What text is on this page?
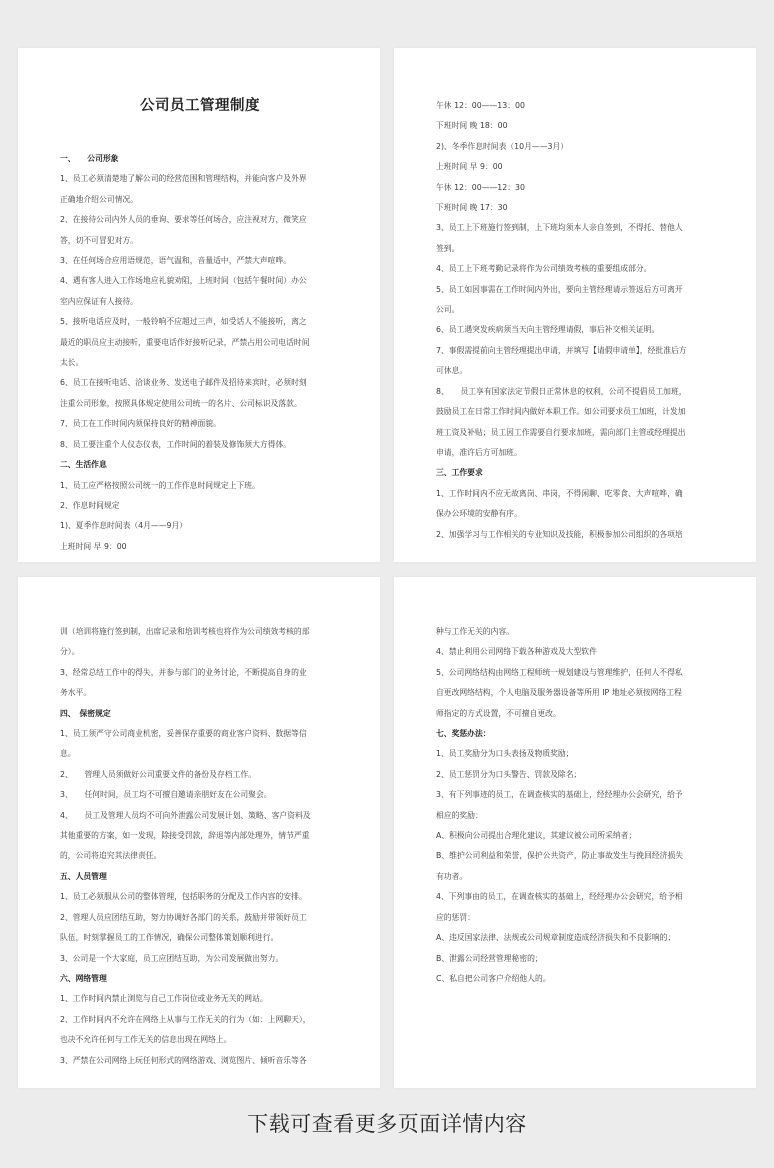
公司员工管理制度
一、　　公司形象
1、员工必须清楚地了解公司的经营范围和管理结构，并能向客户及外界
正确地介绍公司情况。
2、在接待公司内外人员的垂询、要求等任何场合，应注视对方，微笑应
答，切不可冒犯对方。
3、在任何场合应用语规范，语气温和，音量适中，严禁大声喧哗。
4、遇有客人进入工作场地应礼貌劝阻，上班时间（包括午餐时间）办公
室内应保证有人接待。
5、接听电话应及时，一般铃响不应超过三声，如受话人不能接听，离之
最近的职员应主动接听，重要电话作好接听记录，严禁占用公司电话时间
太长。
6、员工在接听电话、洽谈业务、发送电子邮件及招待来宾时，必须时刻
注重公司形象，按照具体规定使用公司统一的名片、公司标识及落款。
7、员工在工作时间内须保持良好的精神面貌。
8、员工要注重个人仪态仪表，工作时间的着装及修饰须大方得体。
二、生活作息
1、员工应严格按照公司统一的工作作息时间规定上下班。
2、作息时间规定
1)、夏季作息时间表（4月——9月）
上班时间 早 9：00
午休 12：00——13：00
下班时间 晚 18：00
2)、冬季作息时间表（10月——3月）
上班时间 早 9：00
午休 12：00——12：30
下班时间 晚 17：30
3、员工上下班施行签到制，上下班均须本人亲自签到，不得托、替他人
签到。
4、员工上下班考勤记录将作为公司绩效考核的重要组成部分。
5、员工如因事需在工作时间内外出，要向主管经理请示签返后方可离开
公司。
6、员工遇突发疾病须当天向主管经理请假，事后补交相关证明。
7、事假需提前向主管经理提出申请，并填写【请假申请单】，经批准后方
可休息。
8、　　员工享有国家法定节假日正常休息的权利，公司不提倡员工加班，
鼓励员工在日常工作时间内做好本职工作。如公司要求员工加班，计发加
班工资及补贴；员工因工作需要自行要求加班，需向部门主管或经理提出
申请，准许后方可加班。
三、工作要求
1、工作时间内不应无故离岗、串岗，不得闲聊、吃零食、大声喧哗，确
保办公环境的安静有序。
2、加强学习与工作相关的专业知识及技能，积极参加公司组织的各项培
训（培训将施行签到制，出席记录和培训考核也将作为公司绩效考核的部
分）。
3、经常总结工作中的得失，并参与部门的业务讨论，不断提高自身的业
务水平。
四、　保密规定
1、员工须严守公司商业机密，妥善保存重要的商业客户资料、数据等信
息。
2、　　管理人员须做好公司重要文件的备份及存档工作。
3、　　任何时间，员工均不可擅自邀请亲朋好友在公司聚会。
4、　　员工及管理人员均不可向外泄露公司发展计划、策略、客户资料及
其他重要的方案，如一发现，除接受罚款，辞退等内部处理外，情节严重
的，公司将追究其法律责任。
五、人员管理
1、员工必须服从公司的整体管理，包括职务的分配及工作内容的安排。
2、管理人员应团结互助，努力协调好各部门的关系，鼓励并带领好员工
队伍，时刻掌握员工的工作情况，确保公司整体策划顺利进行。
3、公司是一个大家庭，员工应团结互助，为公司发展做出努力。
六、网络管理
1、工作时间内禁止浏览与自己工作岗位或业务无关的网站。
2、工作时间内不允许在网络上从事与工作无关的行为（如：上网聊天），
也决不允许任何与工作无关的信息出现在网络上。
3、严禁在公司网络上玩任何形式的网络游戏、浏览图片、倾听音乐等各
种与工作无关的内容。
4、禁止利用公司网络下载各种游戏及大型软件
5、公司网络结构由网络工程师统一规划建设与管理维护，任何人不得私
自更改网络结构，个人电脑及服务器设备等所用 IP 地址必须按网络工程
师指定的方式设置，不可擅自更改。
七、奖惩办法：
1、员工奖励分为口头表扬及物质奖励；
2、员工惩罚分为口头警告、罚款及除名；
3、有下列事迹的员工，在调查核实的基础上，经经理办公会研究，给予
相应的奖励：
A、积极向公司提出合理化建议，其建议被公司所采纳者；
B、维护公司利益和荣誉，保护公共资产，防止事故发生与挽回经济损失
有功者。
4、下列事由的员工，在调查核实的基础上，经经理办公会研究，给予相
应的惩罚：
A、违反国家法律、法规或公司规章制度造成经济损失和不良影响的；
B、泄露公司经营管理秘密的；
C、私自把公司客户介绍他人的。
下载可查看更多页面详情内容
